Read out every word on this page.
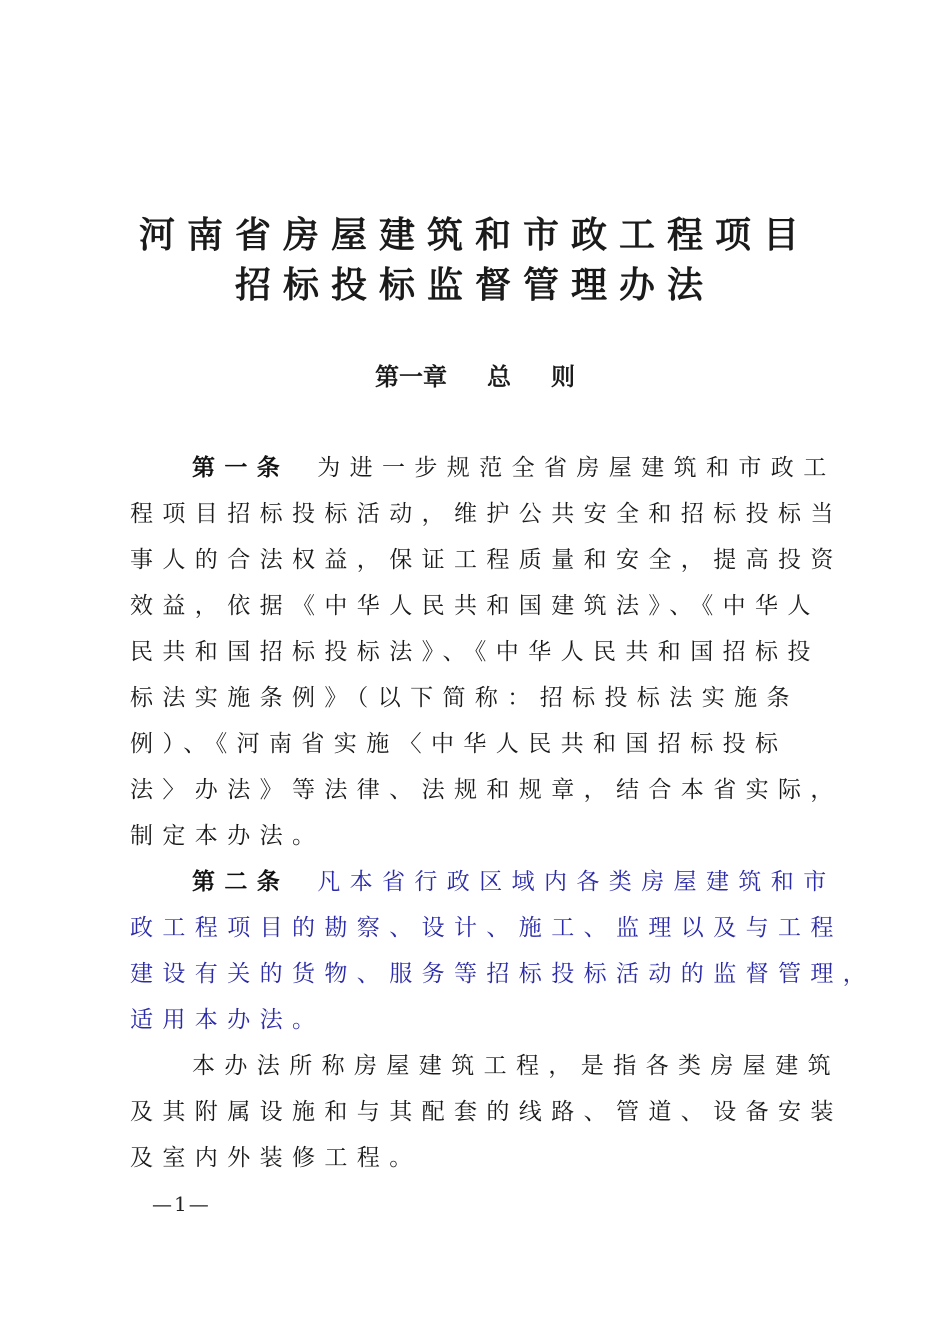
河南省房屋建筑和市政工程项目
招标投标监督管理办法
第一章 总 则
第一条 为进一步规范全省房屋建筑和市政工
程项目招标投标活动，维护公共安全和招标投标当
事人的合法权益，保证工程质量和安全，提高投资
效益，依据《中华人民共和国建筑法》、《中华人
民共和国招标投标法》、《中华人民共和国招标投
标法实施条例》（以下简称：招标投标法实施条
例）、《河南省实施〈中华人民共和国招标投标
法〉办法》等法律、法规和规章，结合本省实际，
制定本办法。
第二条 凡本省行政区域内各类房屋建筑和市
政工程项目的勘察、设计、施工、监理以及与工程
建设有关的货物、服务等招标投标活动的监督管理，
适用本办法。
本办法所称房屋建筑工程，是指各类房屋建筑
及其附属设施和与其配套的线路、管道、设备安装
及室内外装修工程。
—1—
